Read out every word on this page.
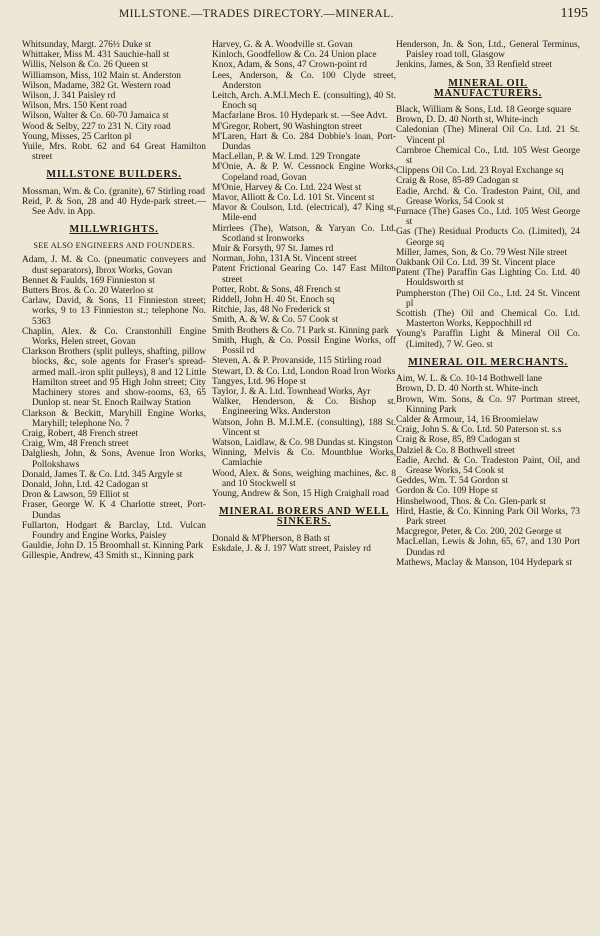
MILLSTONE.—TRADES DIRECTORY.—MINERAL.	1195

Whitsunday, Margt. 276½ Duke st

Whittaker, Miss M. 431 Sauchie-hall st

Willis, Nelson & Co. 26 Queen st

Williamson, Miss, 102 Main st. Anderston

Wilson, Madame, 382 Gt. Western road

Wilson, J. 341 Paisley rd

Wilson, Mrs. 150 Kent road

Wilson, Walter & Co. 60-70 Jamaica st

Wood & Selby, 227 to 231 N. City road

Young, Misses, 25 Carlton pl

Yuile, Mrs. Robt. 62 and 64 Great Hamilton street

MILLSTONE BUILDERS.

Mossman, Wm. & Co. (granite), 67 Stirling road

Reid, P. & Son, 28 and 40 Hyde-park street.—See Adv. in App.

MILLWRIGHTS.
SEE ALSO ENGINEERS AND FOUNDERS.

Adam, J. M. & Co. (pneumatic conveyers and dust separators), Ibrox Works, Govan

Bennet & Faulds, 169 Finnieston st

Butters Bros. & Co. 20 Waterloo st

Carlaw, David, & Sons, 11 Finnieston street; works, 9 to 13 Finnieston st.; telephone No. 5363

Chaplin, Alex. & Co. Cranstonhill Engine Works, Helen street, Govan

Clarkson Brothers (split pulleys, shafting, pillow blocks, &c, sole agents for Fraser's spread-armed mall.-iron split pulleys), 8 and 12 Little Hamilton street and 95 High John street; City Machinery stores and show-rooms, 63, 65 Dunlop st. near St. Enoch Railway Station

Clarkson & Beckitt, Maryhill Engine Works, Maryhill; telephone No. 7

Craig, Robert, 48 French street

Craig, Wm, 48 French street

Dalgliesh, John, & Sons, Avenue Iron Works, Pollokshaws

Donald, James T. & Co. Ltd. 345 Argyle st

Donald, John, Ltd. 42 Cadogan st

Dron & Lawson, 59 Elliot st

Fraser, George W. K 4 Charlotte street, Port-Dundas

Fullarton, Hodgart & Barclay, Ltd. Vulcan Foundry and Engine Works, Paisley

Gauldie, John D. 15 Broomhall st. Kinning Park

Gillespie, Andrew, 43 Smith st., Kinning park

Harvey, G. & A. Woodville st. Govan

Kinloch, Goodfellow & Co. 24 Union place

Knox, Adam, & Sons, 47 Crown-point rd

Lees, Anderson, & Co. 100 Clyde street, Anderston

Leitch, Arch. A.M.I.Mech E. (consulting), 40 St. Enoch sq

Macfarlane Bros. 10 Hydepark st. —See Advt.

M'Gregor, Robert, 90 Washington street

M'Laren, Hart & Co. 284 Dobbie's loan, Port-Dundas

MacLellan, P. & W. Lmd. 129 Trongate

M'Onie, A. & P. W. Cessnock Engine Works, Copeland road, Govan

M'Onie, Harvey & Co. Ltd. 224 West st

Mavor, Alliott & Co. Ld. 101 St. Vincent st

Mavor & Coulson, Ltd. (electrical), 47 King st, Mile-end

Mirrlees (The), Watson, & Yaryan Co. Ltd. Scotland st Ironworks

Muir & Forsyth, 97 St. James rd

Norman, John, 131A St. Vincent street

Patent Frictional Gearing Co. 147 East Milton street

Potter, Robt. & Sons, 48 French st

Riddell, John H. 40 St. Enoch sq

Ritchie, Jas, 48 No Frederick st

Smith, A. & W. & Co. 57 Cook st

Smith Brothers & Co. 71 Park st. Kinning park

Smith, Hugh, & Co. Possil Engine Works, off Possil rd

Steven, A. & P. Provanside, 115 Stirling road

Stewart, D. & Co. Ltd, London Road Iron Works

Tangyes, Ltd. 96 Hope st

Taylor, J. & A. Ltd. Townhead Works, Ayr

Walker, Henderson, & Co. Bishop st. Engineering Wks. Anderston

Watson, John B. M.I.M.E. (consulting), 188 St. Vincent st

Watson, Laidlaw, & Co. 98 Dundas st. Kingston

Winning, Melvis & Co. Mountblue Works, Camlachie

Wood, Alex. & Sons, weighing machines, &c. 8 and 10 Stockwell st

Young, Andrew & Son, 15 High Craighall road

MINERAL BORERS AND WELL SINKERS.

Donald & M'Pherson, 8 Bath st

Eskdale, J. & J. 197 Watt street, Paisley rd

Henderson, Jn. & Son, Ltd., General Terminus, Paisley road toll, Glasgow

Jenkins, James, & Son, 33 Renfield street

MINERAL OIL MANUFACTURERS.

Black, William & Sons, Ltd. 18 George square

Brown, D. D. 40 North st, White-inch

Caledonian (The) Mineral Oil Co. Ltd. 21 St. Vincent pl

Carnbroe Chemical Co., Ltd. 105 West George st

Clippens Oil Co. Ltd. 23 Royal Exchange sq

Craig & Rose, 85-89 Cadogan st

Eadie, Archd. & Co. Tradeston Paint, Oil, and Grease Works, 54 Cook st

Furnace (The) Gases Co., Ltd. 105 West George st

Gas (The) Residual Products Co. (Limited), 24 George sq

Miller, James, Son, & Co. 79 West Nile street

Oakbank Oil Co. Ltd. 39 St. Vincent place

Patent (The) Paraffin Gas Lighting Co. Ltd. 40 Houldsworth st

Pumpherston (The) Oil Co., Ltd. 24 St. Vincent pl

Scottish (The) Oil and Chemical Co. Ltd. Masterton Works, Keppochhill rd

Young's Paraffin Light & Mineral Oil Co. (Limited), 7 W. Geo. st

MINERAL OIL MERCHANTS.

Aim, W. L. & Co. 10-14 Bothwell lane

Brown, D. D. 40 North st. White-inch

Brown, Wm. Sons, & Co. 97 Portman street, Kinning Park

Calder & Armour, 14, 16 Broomielaw

Craig, John S. & Co. Ltd. 50 Paterson st. s.s

Craig & Rose, 85, 89 Cadogan st

Dalziel & Co. 8 Bothwell street

Eadie, Archd. & Co. Tradeston Paint, Oil, and Grease Works, 54 Cook st

Geddes, Wm. T. 54 Gordon st

Gordon & Co. 109 Hope st

Hinshelwood, Thos. & Co. Glen-park st

Hird, Hastie, & Co. Kinning Park Oil Works, 73 Park street

Macgregor, Peter, & Co. 200, 202 George st

MacLellan, Lewis & John, 65, 67, and 130 Port Dundas rd

Mathews, Maclay & Manson, 104 Hydepark st
